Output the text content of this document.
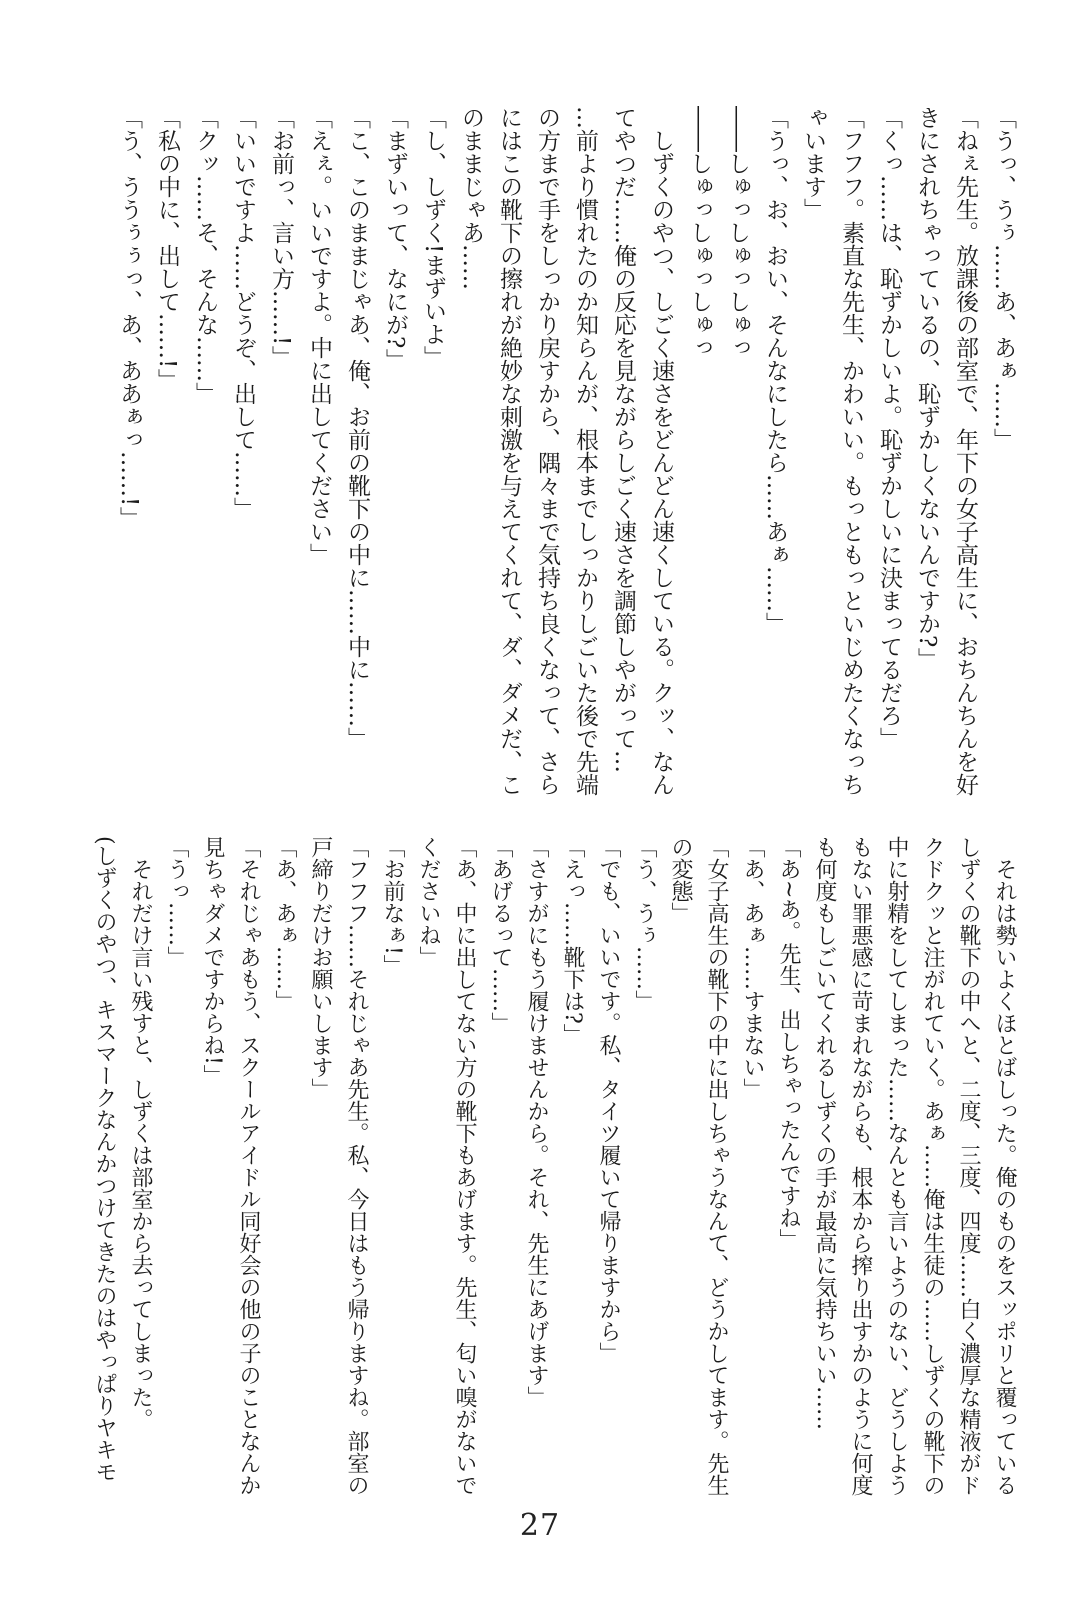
「うっ、うぅ……あ、あぁ……」
「ねぇ先生。放課後の部室で、年下の女子高生に、おちんちんを好
きにされちゃっているの、恥ずかしくないんですか?」
「くっ……は、恥ずかしいよ。恥ずかしいに決まってるだろ」
「フフフ。素直な先生、かわいい。もっともっといじめたくなっち
ゃいます」
「うっ、お、おい、そんなにしたら……あぁ……」
――しゅっしゅっしゅっ
――しゅっしゅっしゅっ
　しずくのやつ、しごく速さをどんどん速くしている。クッ、なん
てやつだ……俺の反応を見ながらしごく速さを調節しやがって…
…前より慣れたのか知らんが、根本までしっかりしごいた後で先端
の方まで手をしっかり戻すから、隅々まで気持ち良くなって、さら
にはこの靴下の擦れが絶妙な刺激を与えてくれて、ダ、ダメだ、こ
のままじゃあ……
「し、しずく!まずいよ」
「まずいって、なにが?」
「こ、このままじゃあ、俺、お前の靴下の中に……中に……」
「えぇ。いいですよ。中に出してください」
「お前っ、言い方……!」
「いいですよ……どうぞ、出して……」
「クッ……そ、そんな……」
「私の中に、出して……!」
「う、ううぅぅっ、あ、ああぁっ……!」
　それは勢いよくほとばしった。俺のものをスッポリと覆っている
しずくの靴下の中へと、二度、三度、四度……白く濃厚な精液がド
クドクッと注がれていく。あぁ……俺は生徒の……しずくの靴下の
中に射精をしてしまった……なんとも言いようのない、どうしよう
もない罪悪感に苛まれながらも、根本から搾り出すかのように何度
も何度もしごいてくれるしずくの手が最高に気持ちいい……
「あ~あ。先生、出しちゃったんですね」
「あ、あぁ……すまない」
「女子高生の靴下の中に出しちゃうなんて、どうかしてます。先生
の変態」
「う、うぅ……」
「でも、いいです。私、タイツ履いて帰りますから」
「えっ……靴下は?」
「さすがにもう履けませんから。それ、先生にあげます」
「あげるって……」
「あ、中に出してない方の靴下もあげます。先生、匂い嗅がないで
くださいね」
「お前なぁ!」
「フフフ……それじゃあ先生。私、今日はもう帰りますね。部室の
戸締りだけお願いします」
「あ、あぁ……」
「それじゃあもう、スクールアイドル同好会の他の子のことなんか
見ちゃダメですからね!」
「うっ……」
　それだけ言い残すと、しずくは部室から去ってしまった。
(しずくのやつ、キスマークなんかつけてきたのはやっぱりヤキモ
27
